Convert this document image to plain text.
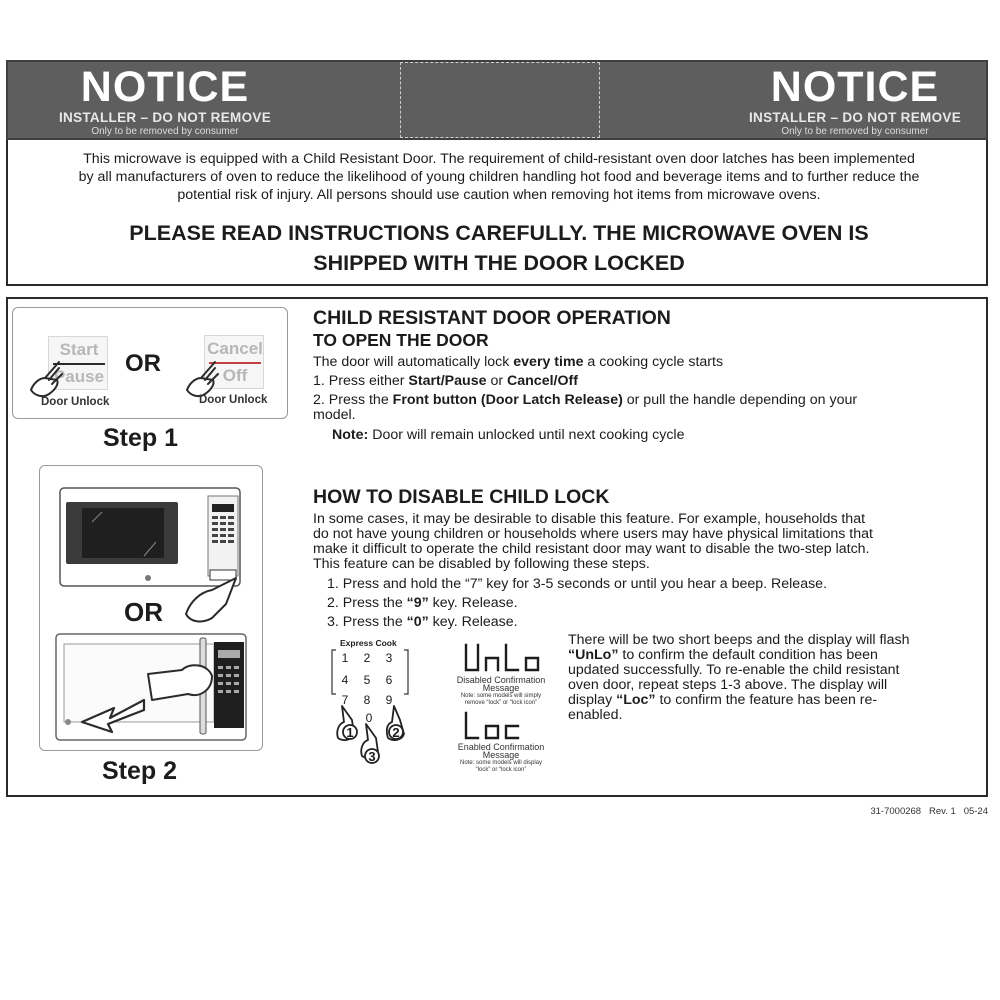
NOTICE
INSTALLER – DO NOT REMOVE
Only to be removed by consumer
NOTICE
INSTALLER – DO NOT REMOVE
Only to be removed by consumer
This microwave is equipped with a Child Resistant Door. The requirement of child-resistant oven door latches has been implemented
by all manufacturers of oven to reduce the likelihood of young children handling hot food and beverage items and to further reduce the
potential risk of injury. All persons should use caution when removing hot items from microwave ovens.
PLEASE READ INSTRUCTIONS CAREFULLY. THE MICROWAVE OVEN IS
SHIPPED WITH THE DOOR LOCKED
Start
Pause OR
Cancel
Off
Door Unlock	Door Unlock
Step 1
OR
Step 2
CHILD RESISTANT DOOR OPERATION
TO OPEN THE DOOR
The door will automatically lock every time a cooking cycle starts
1. Press either Start/Pause or Cancel/Off
2. Press the Front button (Door Latch Release) or pull the handle depending on your
model.
Note: Door will remain unlocked until next cooking cycle
HOW TO DISABLE CHILD LOCK
In some cases, it may be desirable to disable this feature. For example, households that
do not have young children or households where users may have physical limitations that
make it difficult to operate the child resistant door may want to disable the two-step latch.
This feature can be disabled by following these steps.
1. Press and hold the “7” key for 3-5 seconds or until you hear a beep. Release.
2. Press the “9” key. Release.
3. Press the “0” key. Release.
Express Cook
1	2	3
4	5	6
7	8	9
0
1	2
3
UnLo
Disabled Confirmation
Message
Note: some models will simply
remove “lock” or “lock icon”
Loc
Enabled Confirmation
Message
Note: some models will display
“lock” or “lock icon”
There will be two short beeps and the display will flash
“UnLo” to confirm the default condition has been
updated successfully. To re-enable the child resistant
oven door, repeat steps 1-3 above. The display will
display “Loc” to confirm the feature has been re-
enabled.
31-7000268 Rev. 1 05-24
